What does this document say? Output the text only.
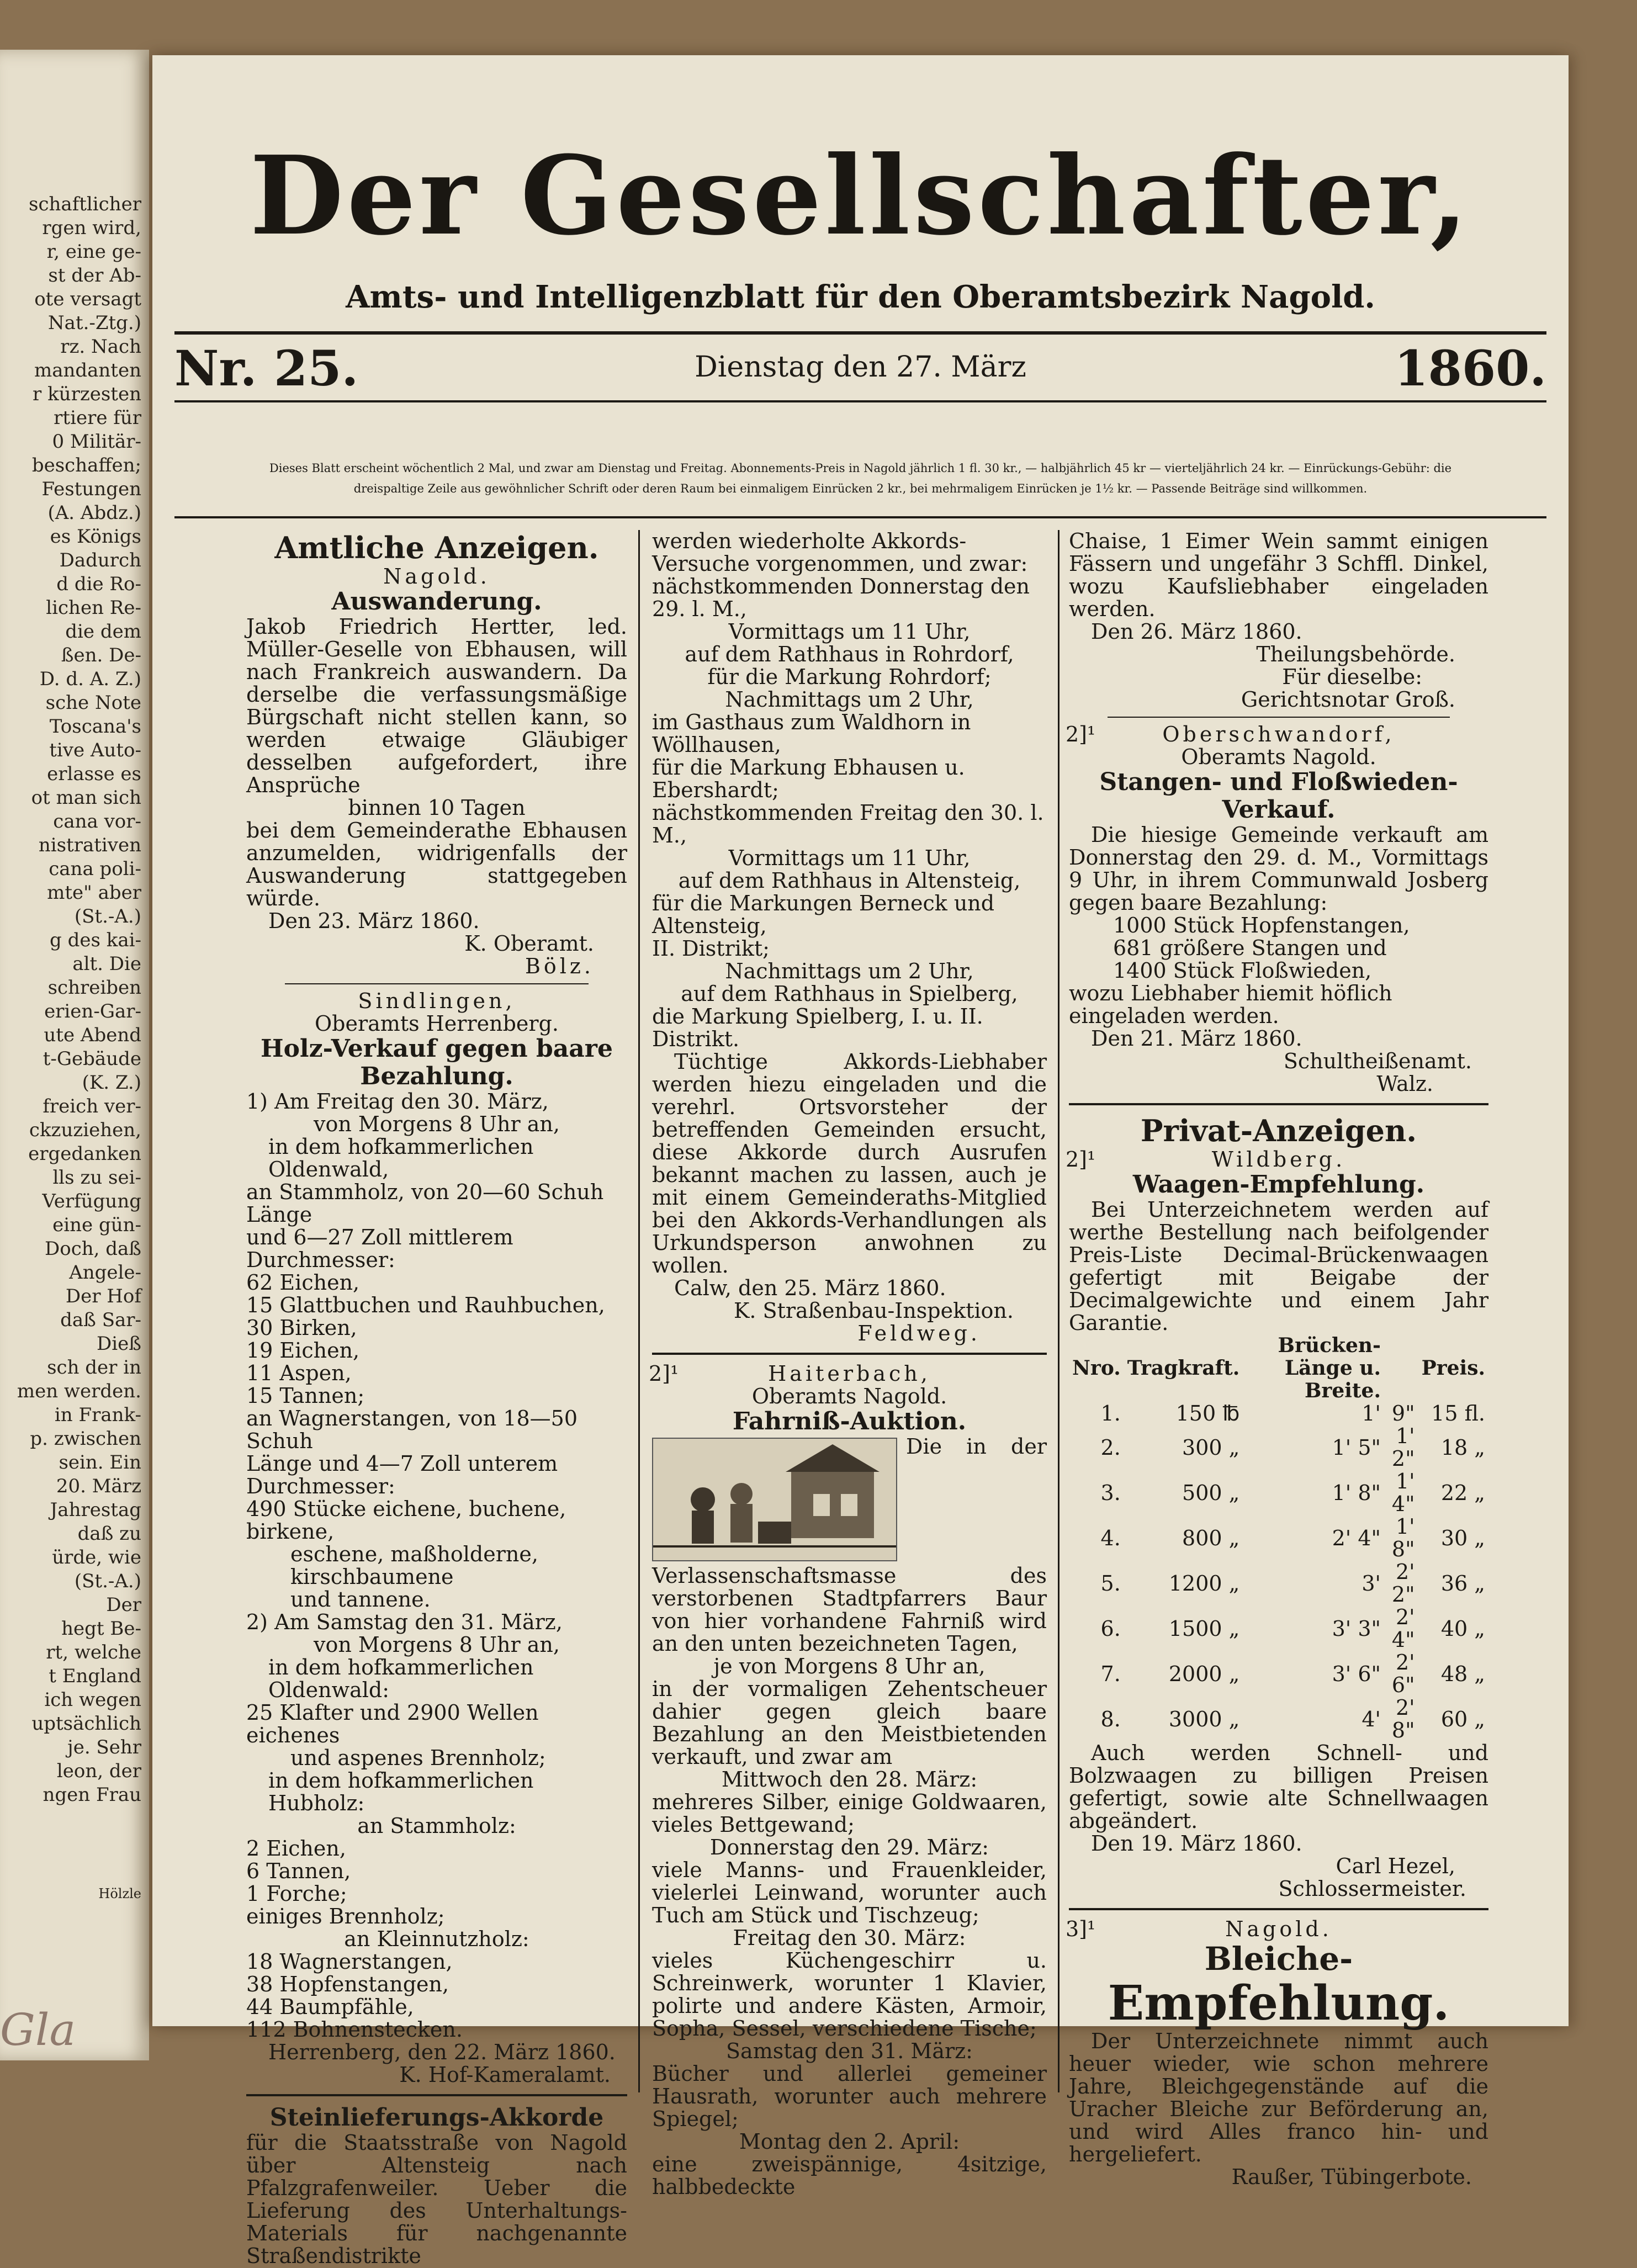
schaftlicher
rgen wird,
r, eine ge-
st der Ab-
ote versagt
Nat.-Ztg.)
rz. Nach
mandanten
r kürzesten
rtiere für
0 Militär-
beschaffen;
Festungen
(A. Abdz.)
es Königs
Dadurch
d die Ro-
lichen Re-
die dem
ßen. De-
D. d. A. Z.)
sche Note
Toscana's
tive Auto-
erlasse es
ot man sich
cana vor-
nistrativen
cana poli-
mte" aber
(St.-A.)
g des kai-
alt. Die
schreiben
erien-Gar-
ute Abend
t-Gebäude
(K. Z.)
freich ver-
ckzuziehen,
ergedanken
lls zu sei-
Verfügung
eine gün-
Doch, daß
Angele-
Der Hof
daß Sar-
Dieß
sch der in
men werden.
in Frank-
p. zwischen
sein. Ein
20. März
Jahrestag
daß zu
ürde, wie
(St.-A.)
Der
hegt Be-
rt, welche
t England
ich wegen
uptsächlich
je. Sehr
leon, der
ngen Frau
Hölzle
Gla
Der Gesellschafter,
Amts- und Intelligenzblatt für den Oberamtsbezirk Nagold.
Nr. 25.	Dienstag den 27. März	1860.
Dieses Blatt erscheint wöchentlich 2 Mal, und zwar am Dienstag und Freitag. Abonnements-Preis in Nagold jährlich 1 fl. 30 kr., — halbjährlich 45 kr — vierteljährlich 24 kr. — Einrückungs-Gebühr: die dreispaltige Zeile aus gewöhnlicher Schrift oder deren Raum bei einmaligem Einrücken 2 kr., bei mehrmaligem Einrücken je 1½ kr. — Passende Beiträge sind willkommen.

Amtliche Anzeigen.

Nagold.

Auswanderung.

Jakob Friedrich Hertter, led. Müller-Geselle von Ebhausen, will nach Frankreich auswandern. Da derselbe die verfassungsmäßige Bürgschaft nicht stellen kann, so werden etwaige Gläubiger desselben aufgefordert, ihre Ansprüche

binnen 10 Tagen

bei dem Gemeinderathe Ebhausen anzumelden, widrigenfalls der Auswanderung stattgegeben würde.

Den 23. März 1860.

K. Oberamt.

Bölz.

Sindlingen,

Oberamts Herrenberg.

Holz-Verkauf gegen baare Bezahlung.

1) Am Freitag den 30. März,

von Morgens 8 Uhr an,

in dem hofkammerlichen Oldenwald,

an Stammholz, von 20—60 Schuh Länge

und 6—27 Zoll mittlerem Durchmesser:

62 Eichen,

15 Glattbuchen und Rauhbuchen,

30 Birken,

19 Eichen,

11 Aspen,

15 Tannen;

an Wagnerstangen, von 18—50 Schuh

Länge und 4—7 Zoll unterem Durchmesser:

490 Stücke eichene, buchene, birkene,

eschene, maßholderne, kirschbaumene

und tannene.

2) Am Samstag den 31. März,

von Morgens 8 Uhr an,

in dem hofkammerlichen Oldenwald:

25 Klafter und 2900 Wellen eichenes

und aspenes Brennholz;

in dem hofkammerlichen Hubholz:

an Stammholz:

2 Eichen,

6 Tannen,

1 Forche;

einiges Brennholz;

an Kleinnutzholz:

18 Wagnerstangen,

38 Hopfenstangen,

44 Baumpfähle,

112 Bohnenstecken.

Herrenberg, den 22. März 1860.

K. Hof-Kameralamt.

Steinlieferungs-Akkorde

für die Staatsstraße von Nagold über Altensteig nach Pfalzgrafenweiler. Ueber die Lieferung des Unterhaltungs-Materials für nachgenannte Straßendistrikte

werden wiederholte Akkords-Versuche vorgenommen, und zwar:

nächstkommenden Donnerstag den 29. l. M.,

Vormittags um 11 Uhr,

auf dem Rathhaus in Rohrdorf,

für die Markung Rohrdorf;

Nachmittags um 2 Uhr,

im Gasthaus zum Waldhorn in Wöllhausen,

für die Markung Ebhausen u. Ebershardt;

nächstkommenden Freitag den 30. l. M.,

Vormittags um 11 Uhr,

auf dem Rathhaus in Altensteig,

für die Markungen Berneck und Altensteig,

II. Distrikt;

Nachmittags um 2 Uhr,

auf dem Rathhaus in Spielberg,

die Markung Spielberg, I. u. II. Distrikt.

Tüchtige Akkords-Liebhaber werden hiezu eingeladen und die verehrl. Ortsvorsteher der betreffenden Gemeinden ersucht, diese Akkorde durch Ausrufen bekannt machen zu lassen, auch je mit einem Gemeinderaths-Mitglied bei den Akkords-Verhandlungen als Urkundsperson anwohnen zu wollen.

Calw, den 25. März 1860.

K. Straßenbau-Inspektion.

Feldweg.

2]¹	Haiterbach,

Oberamts Nagold.

Fahrniß-Auktion.

Die in der Verlassenschaftsmasse des verstorbenen Stadtpfarrers Baur von hier vorhandene Fahrniß wird an den unten bezeichneten Tagen,

je von Morgens 8 Uhr an,

in der vormaligen Zehentscheuer dahier gegen gleich baare Bezahlung an den Meistbietenden verkauft, und zwar am

Mittwoch den 28. März:

mehreres Silber, einige Goldwaaren, vieles Bettgewand;

Donnerstag den 29. März:

viele Manns- und Frauenkleider, vielerlei Leinwand, worunter auch Tuch am Stück und Tischzeug;

Freitag den 30. März:

vieles Küchengeschirr u. Schreinwerk, worunter 1 Klavier, polirte und andere Kästen, Armoir, Sopha, Sessel, verschiedene Tische;

Samstag den 31. März:

Bücher und allerlei gemeiner Hausrath, worunter auch mehrere Spiegel;

Montag den 2. April:

eine zweispännige, 4sitzige, halbbedeckte

Chaise, 1 Eimer Wein sammt einigen Fässern und ungefähr 3 Schffl. Dinkel, wozu Kaufsliebhaber eingeladen werden.

Den 26. März 1860.

Theilungsbehörde.

Für dieselbe:

Gerichtsnotar Groß.

2]¹	Oberschwandorf,

Oberamts Nagold.

Stangen- und Floßwieden-Verkauf.

Die hiesige Gemeinde verkauft am Donnerstag den 29. d. M., Vormittags 9 Uhr, in ihrem Communwald Josberg gegen baare Bezahlung:

1000 Stück Hopfenstangen,

681 größere Stangen und

1400 Stück Floßwieden,

wozu Liebhaber hiemit höflich eingeladen werden.

Den 21. März 1860.

Schultheißenamt.

Walz.

Privat-Anzeigen.

2]¹	Wildberg.

Waagen-Empfehlung.

Bei Unterzeichnetem werden auf werthe Bestellung nach beifolgender Preis-Liste Decimal-Brückenwaagen gefertigt mit Beigabe der Decimalgewichte und einem Jahr Garantie.

Nro.	Tragkraft.	Brücken- Länge u. Breite.		Preis.
1.	150 ℔	1'	9"	15 fl.
2.	300 „	1' 5"	1' 2"	18 „
3.	500 „	1' 8"	1' 4"	22 „
4.	800 „	2' 4"	1' 8"	30 „
5.	1200 „	3'	2' 2"	36 „
6.	1500 „	3' 3"	2' 4"	40 „
7.	2000 „	3' 6"	2' 6"	48 „
8.	3000 „	4'	2' 8"	60 „

Auch werden Schnell- und Bolzwaagen zu billigen Preisen gefertigt, sowie alte Schnellwaagen abgeändert.

Den 19. März 1860.

Carl Hezel,

Schlossermeister.

3]¹	Nagold.

Bleiche-

Empfehlung.

Der Unterzeichnete nimmt auch heuer wieder, wie schon mehrere Jahre, Bleichgegenstände auf die Uracher Bleiche zur Beförderung an, und wird Alles franco hin- und hergeliefert.

Raußer, Tübingerbote.
